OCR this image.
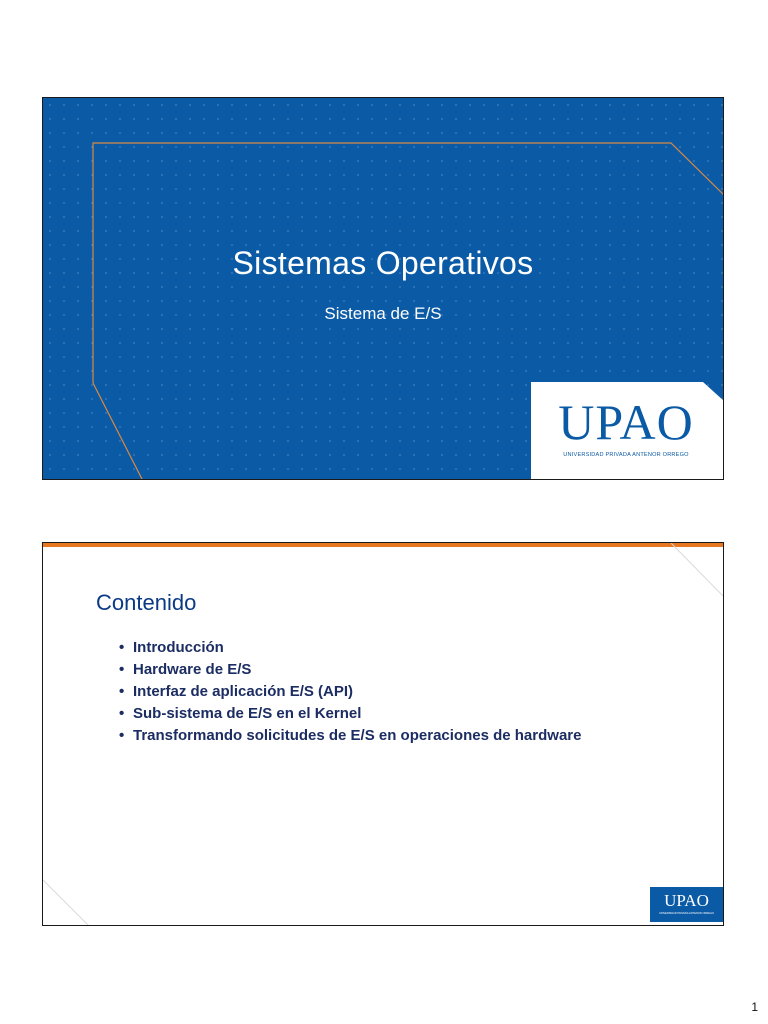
Sistemas Operativos
Sistema de E/S
UPAO
UNIVERSIDAD PRIVADA ANTENOR ORREGO
Contenido
• Introducción
• Hardware de E/S
• Interfaz de aplicación E/S (API)
• Sub-sistema de E/S en el Kernel
• Transformando solicitudes de E/S en operaciones de hardware
UPAO
UNIVERSIDAD PRIVADA ANTENOR ORREGO
1
